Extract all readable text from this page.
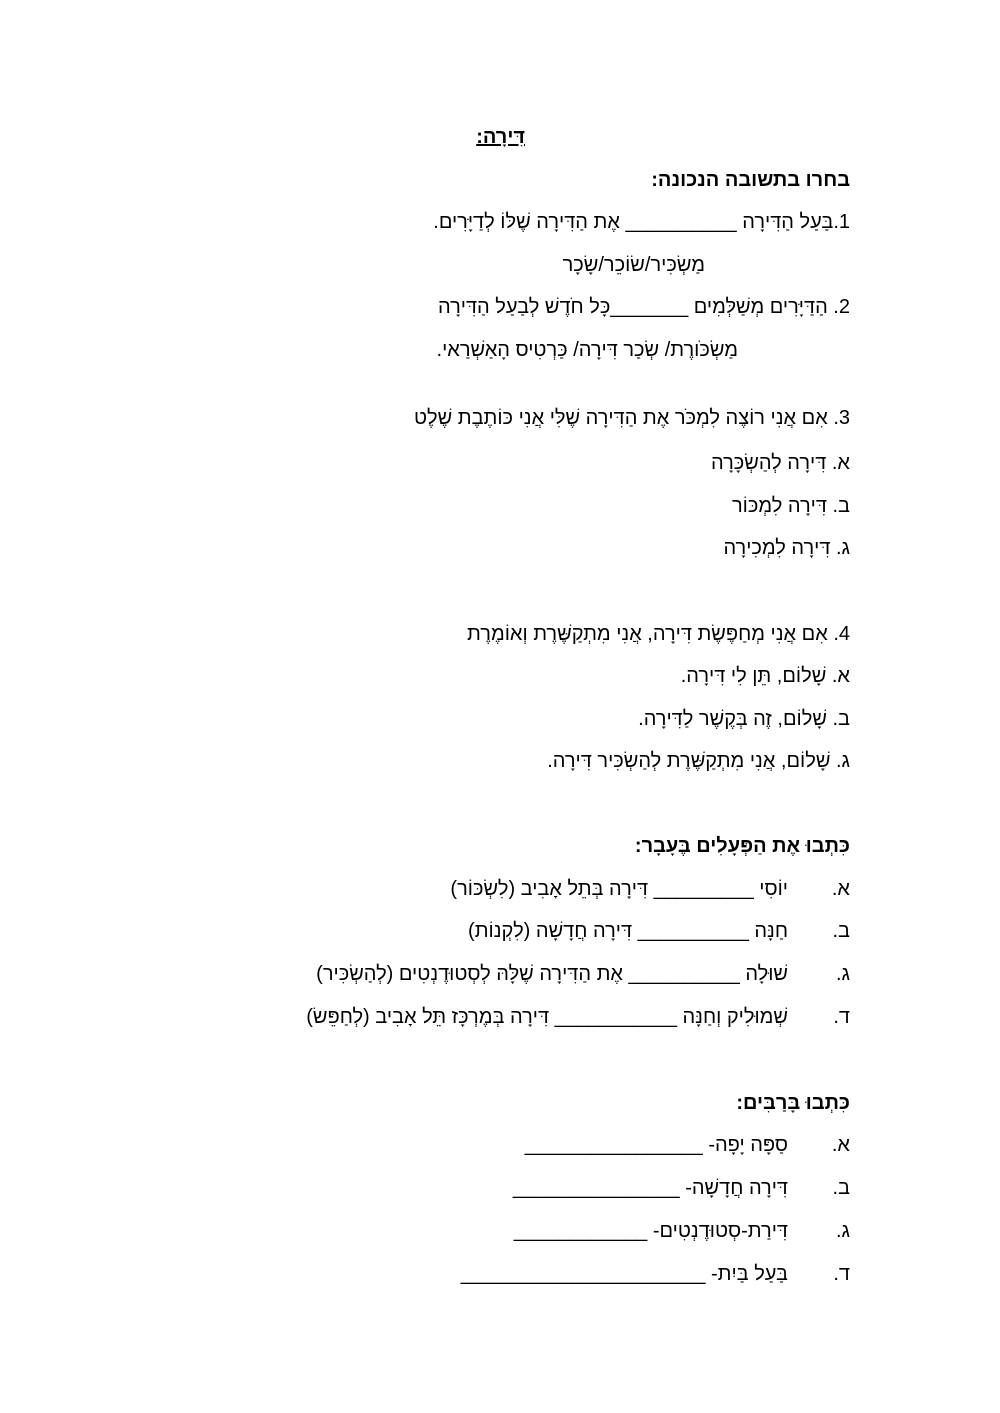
דִּירָה:
בחרו בתשובה הנכונה:
1.בַּעַל הַדִּירָה __________ אֶת הַדִּירָה שֶׁלּוֹ לְדַיָּרִים.
מַשְׂכִּיר/שׂוֹכֵר/שָׂכָר
2. הַדַּיָּרִים מְשַׁלְּמִים _______כָּל חֹדֶשׁ לְבַעַל הַדִּירָה
מַשְׂכֹּורֶת/ שְׂכַר דִּירָה/ כַּרְטִיס הָאַשְׁרַאי.
3. אִם אֲנִי רוֹצֶה לִמְכֹּר אֶת הַדִּירָה שֶׁלִּי אֲנִי כּוֹתֶבֶת שֶׁלֶט
א. דִּירָה לְהַשְׂכָּרָה
ב. דִּירָה לִמְכּוֹר
ג. דִּירָה לִמְכִירָה
4. אִם אֲנִי מְחַפֶּשֶׂת דִּירָה, אֲנִי מִתְקַשֶּׁרֶת וְאוֹמֶרֶת
א. שָׁלוֹם, תֵּן לִי דִּירָה.
ב. שָׁלוֹם, זֶה בְּקֶשֶׁר לַדִּירָה.
ג. שָׁלוֹם, אֲנִי מִתְקַשֶּׁרֶת לְהַשְׂכִּיר דִּירָה.
כִּתְבוּ אֶת הַפְּעָלִים בֶּעָבָר:
א.
יוֹסִי _________ דִּירָה בְּתֵל אָבִיב (לִשְׂכּוֹר)
ב.
חַנָּה __________ דִּירָה חֲדָשָׁה (לִקְנוֹת)
ג.
שׁוּלָה __________ אֶת הַדִּירָה שֶׁלָּהּ לְסְטוּדֶנְטִים (לְהַשְׂכִּיר)
ד.
שְׁמוּלִיק וְחַנָּה ___________ דִּירָה בְּמֶרְכָּז תֵּל אָבִיב (לְחַפֵּשׂ)
כִּתְבוּ בָּרַבִּים:
א.
סַפָּה יָפָה- ________________
ב.
דִּירָה חֲדָשָׁה- _______________
ג.
דִּירַת-סְטוּדֶנְטִים- ____________
ד.
בַּעַל בַּיִת- ______________________
